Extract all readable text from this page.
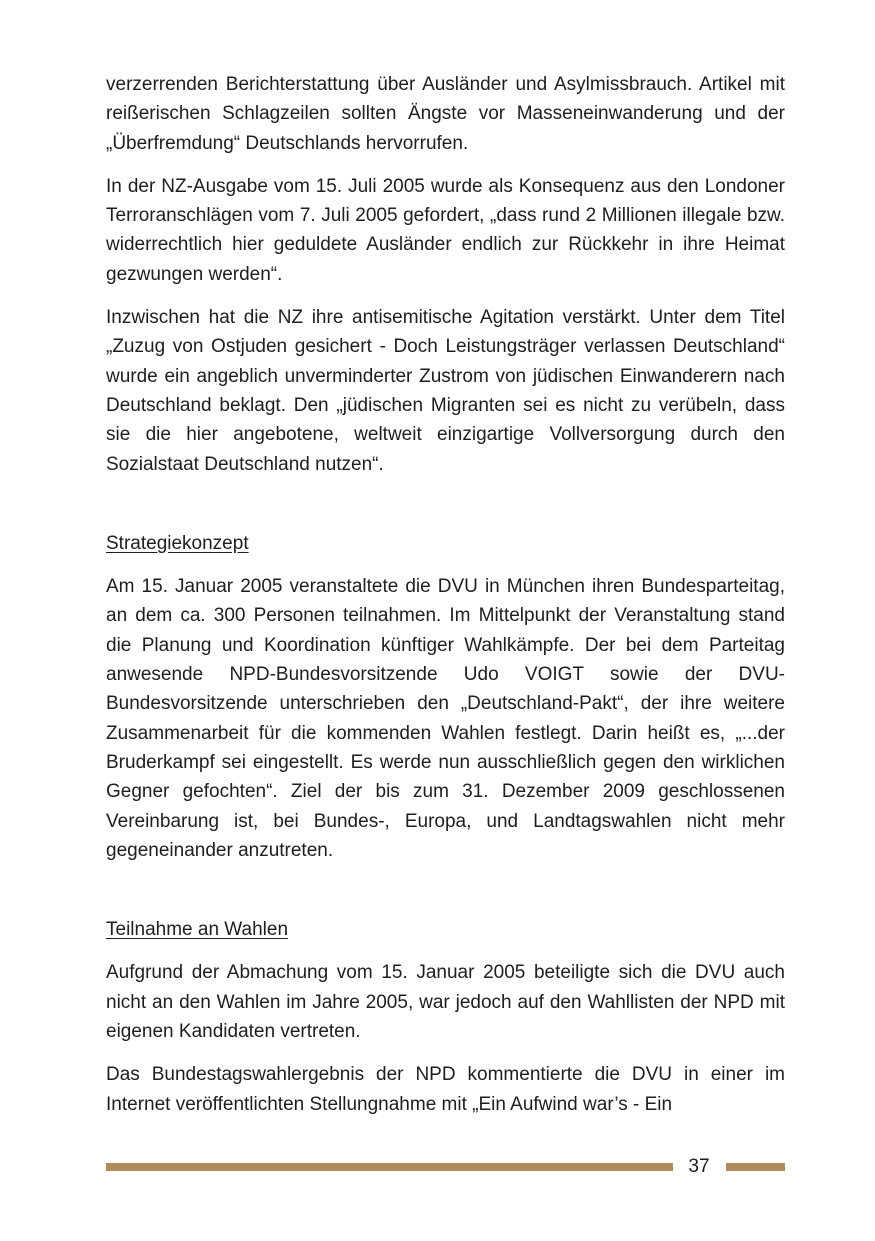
verzerrenden Berichterstattung über Ausländer und Asylmissbrauch. Artikel mit reißerischen Schlagzeilen sollten Ängste vor Masseneinwanderung und der „Überfremdung“ Deutschlands hervorrufen.

In der NZ-Ausgabe vom 15. Juli 2005 wurde als Konsequenz aus den Londoner Terroranschlägen vom 7. Juli 2005 gefordert, „dass rund 2 Millionen illegale bzw. widerrechtlich hier geduldete Ausländer endlich zur Rückkehr in ihre Heimat gezwungen werden“.

Inzwischen hat die NZ ihre antisemitische Agitation verstärkt. Unter dem Titel „Zuzug von Ostjuden gesichert - Doch Leistungsträger verlassen Deutschland“ wurde ein angeblich unverminderter Zustrom von jüdischen Einwanderern nach Deutschland beklagt. Den „jüdischen Migranten sei es nicht zu verübeln, dass sie die hier angebotene, weltweit einzigartige Vollversorgung durch den Sozialstaat Deutschland nutzen“.

Strategiekonzept

Am 15. Januar 2005 veranstaltete die DVU in München ihren Bundesparteitag, an dem ca. 300 Personen teilnahmen. Im Mittelpunkt der Veranstaltung stand die Planung und Koordination künftiger Wahlkämpfe. Der bei dem Parteitag anwesende NPD-Bundesvorsitzende Udo VOIGT sowie der DVU-Bundesvorsitzende unterschrieben den „Deutschland-Pakt“, der ihre weitere Zusammenarbeit für die kommenden Wahlen festlegt. Darin heißt es, „...der Bruderkampf sei eingestellt. Es werde nun ausschließlich gegen den wirklichen Gegner gefochten“. Ziel der bis zum 31. Dezember 2009 geschlossenen Vereinbarung ist, bei Bundes-, Europa, und Landtagswahlen nicht mehr gegeneinander anzutreten.

Teilnahme an Wahlen

Aufgrund der Abmachung vom 15. Januar 2005 beteiligte sich die DVU auch nicht an den Wahlen im Jahre 2005, war jedoch auf den Wahllisten der NPD mit eigenen Kandidaten vertreten.

Das Bundestagswahlergebnis der NPD kommentierte die DVU in einer im Internet veröffentlichten Stellungnahme mit „Ein Aufwind war’s - Ein

37
